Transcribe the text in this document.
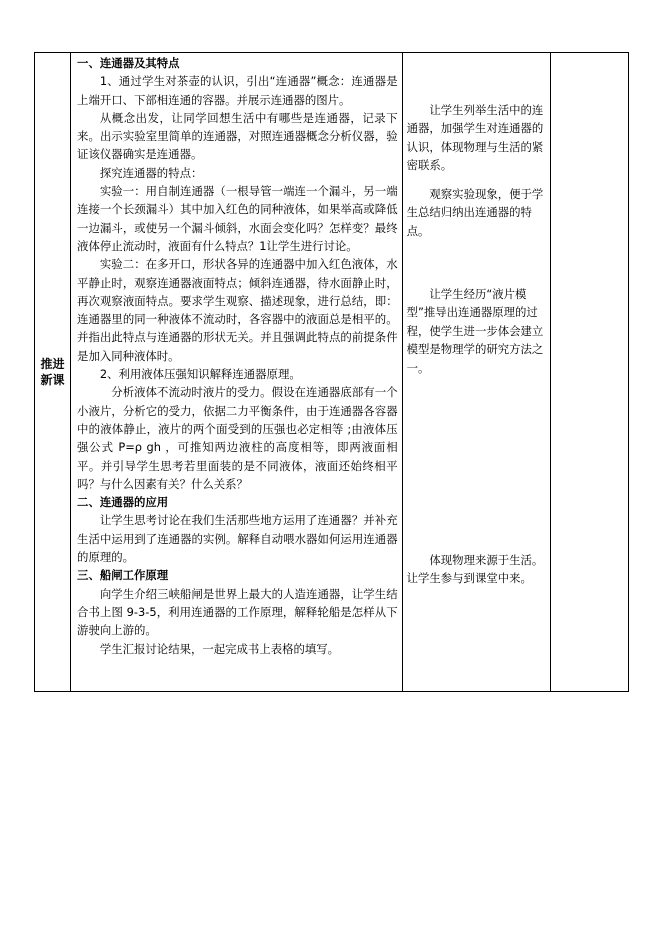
推进新课

一、连通器及其特点

1、通过学生对茶壶的认识，引出“连通器”概念：连通器是上端开口、下部相连通的容器。并展示连通器的图片。

从概念出发，让同学回想生活中有哪些是连通器，记录下来。出示实验室里简单的连通器，对照连通器概念分析仪器，验证该仪器确实是连通器。

探究连通器的特点：

实验一：用自制连通器（一根导管一端连一个漏斗，另一端连接一个长颈漏斗）其中加入红色的同种液体，如果举高或降低一边漏斗，或使另一个漏斗倾斜，水面会变化吗？怎样变？最终液体停止流动时，液面有什么特点？1让学生进行讨论。

实验二：在多开口，形状各异的连通器中加入红色液体，水平静止时，观察连通器液面特点；倾斜连通器，待水面静止时，再次观察液面特点。要求学生观察、描述现象，进行总结，即：连通器里的同一种液体不流动时，各容器中的液面总是相平的。并指出此特点与连通器的形状无关。并且强调此特点的前提条件是加入同种液体时。

2、利用液体压强知识解释连通器原理。

分析液体不流动时液片的受力。假设在连通器底部有一个小液片，分析它的受力，依据二力平衡条件，由于连通器各容器中的液体静止，液片的两个面受到的压强也必定相等 ;由液体压强公式 P=ρ gh ，可推知两边液柱的高度相等，即两液面相平。并引导学生思考若里面装的是不同液体，液面还始终相平吗？与什么因素有关？什么关系？

二、连通器的应用

让学生思考讨论在我们生活那些地方运用了连通器？并补充生活中运用到了连通器的实例。解释自动喂水器如何运用连通器的原理的。

三、船闸工作原理

向学生介绍三峡船闸是世界上最大的人造连通器，让学生结合书上图 9-3-5，利用连通器的工作原理，解释轮船是怎样从下游驶向上游的。

学生汇报讨论结果，一起完成书上表格的填写。

让学生列举生活中的连通器，加强学生对连通器的认识，体现物理与生活的紧密联系。

观察实验现象，便于学生总结归纳出连通器的特点。

让学生经历“液片模型”推导出连通器原理的过程，使学生进一步体会建立模型是物理学的研究方法之一。

体现物理来源于生活。让学生参与到课堂中来。
